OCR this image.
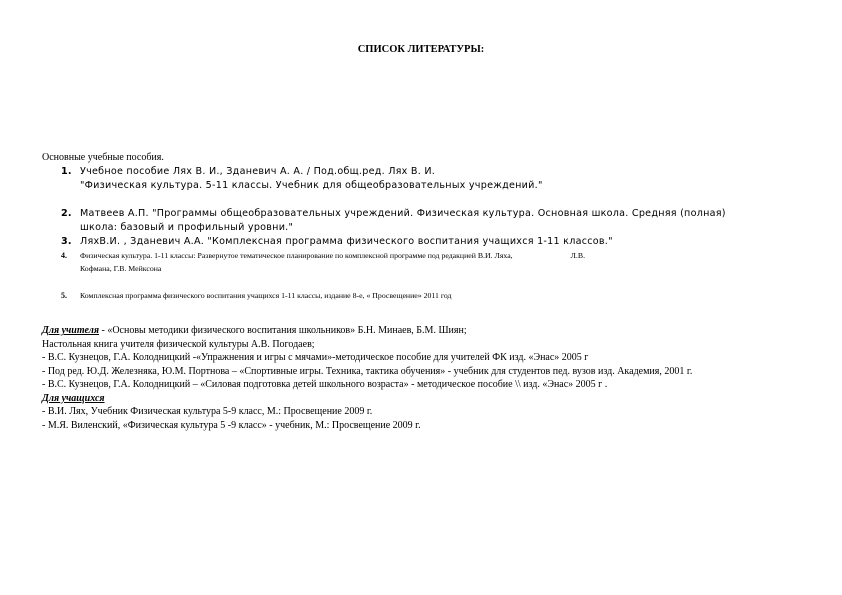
СПИСОК ЛИТЕРАТУРЫ:
Основные учебные пособия.
1. Учебное пособие Лях В. И., Зданевич А. А. / Под.общ.ред. Лях В. И.
"Физическая культура. 5-11 классы. Учебник для общеобразовательных учреждений."
2. Матвеев А.П. "Программы общеобразовательных учреждений. Физическая культура. Основная школа. Средняя (полная)
школа: базовый и профильный уровни."
3. ЛяхВ.И. , Зданевич А.А. "Комплексная программа физического воспитания учащихся 1-11 классов."
4. Физическая культура. 1-11 классы: Развернутое тематическое планирование по комплексной программе под редакцией В.И. Ляха,	Л.В.
Кофмана, Г.В. Мейксона
5. Комплексная программа физического воспитания учащихся 1-11 классы, издание 8-е, « Просвещение» 2011 год
Для учителя - «Основы методики физического воспитания школьников» Б.Н. Минаев, Б.М. Шиян;
Настольная книга учителя физической культуры А.В. Погодаев;
- В.С. Кузнецов, Г.А. Колодницкий -«Упражнения и игры с мячами»-методическое пособие для учителей ФК изд. «Энас» 2005 г
- Под ред. Ю.Д. Железняка, Ю.М. Портнова – «Спортивные игры. Техника, тактика обучения» - учебник для студентов пед. вузов изд. Академия, 2001 г.
- В.С. Кузнецов, Г.А. Колодницкий – «Силовая подготовка детей школьного возраста» - методическое пособие \\ изд. «Энас» 2005 г .
Для учащихся
- В.И. Лях, Учебник Физическая культура 5-9 класс, М.: Просвещение 2009 г.
- М.Я. Виленский, «Физическая культура 5 -9 класс» - учебник, М.: Просвещение 2009 г.
